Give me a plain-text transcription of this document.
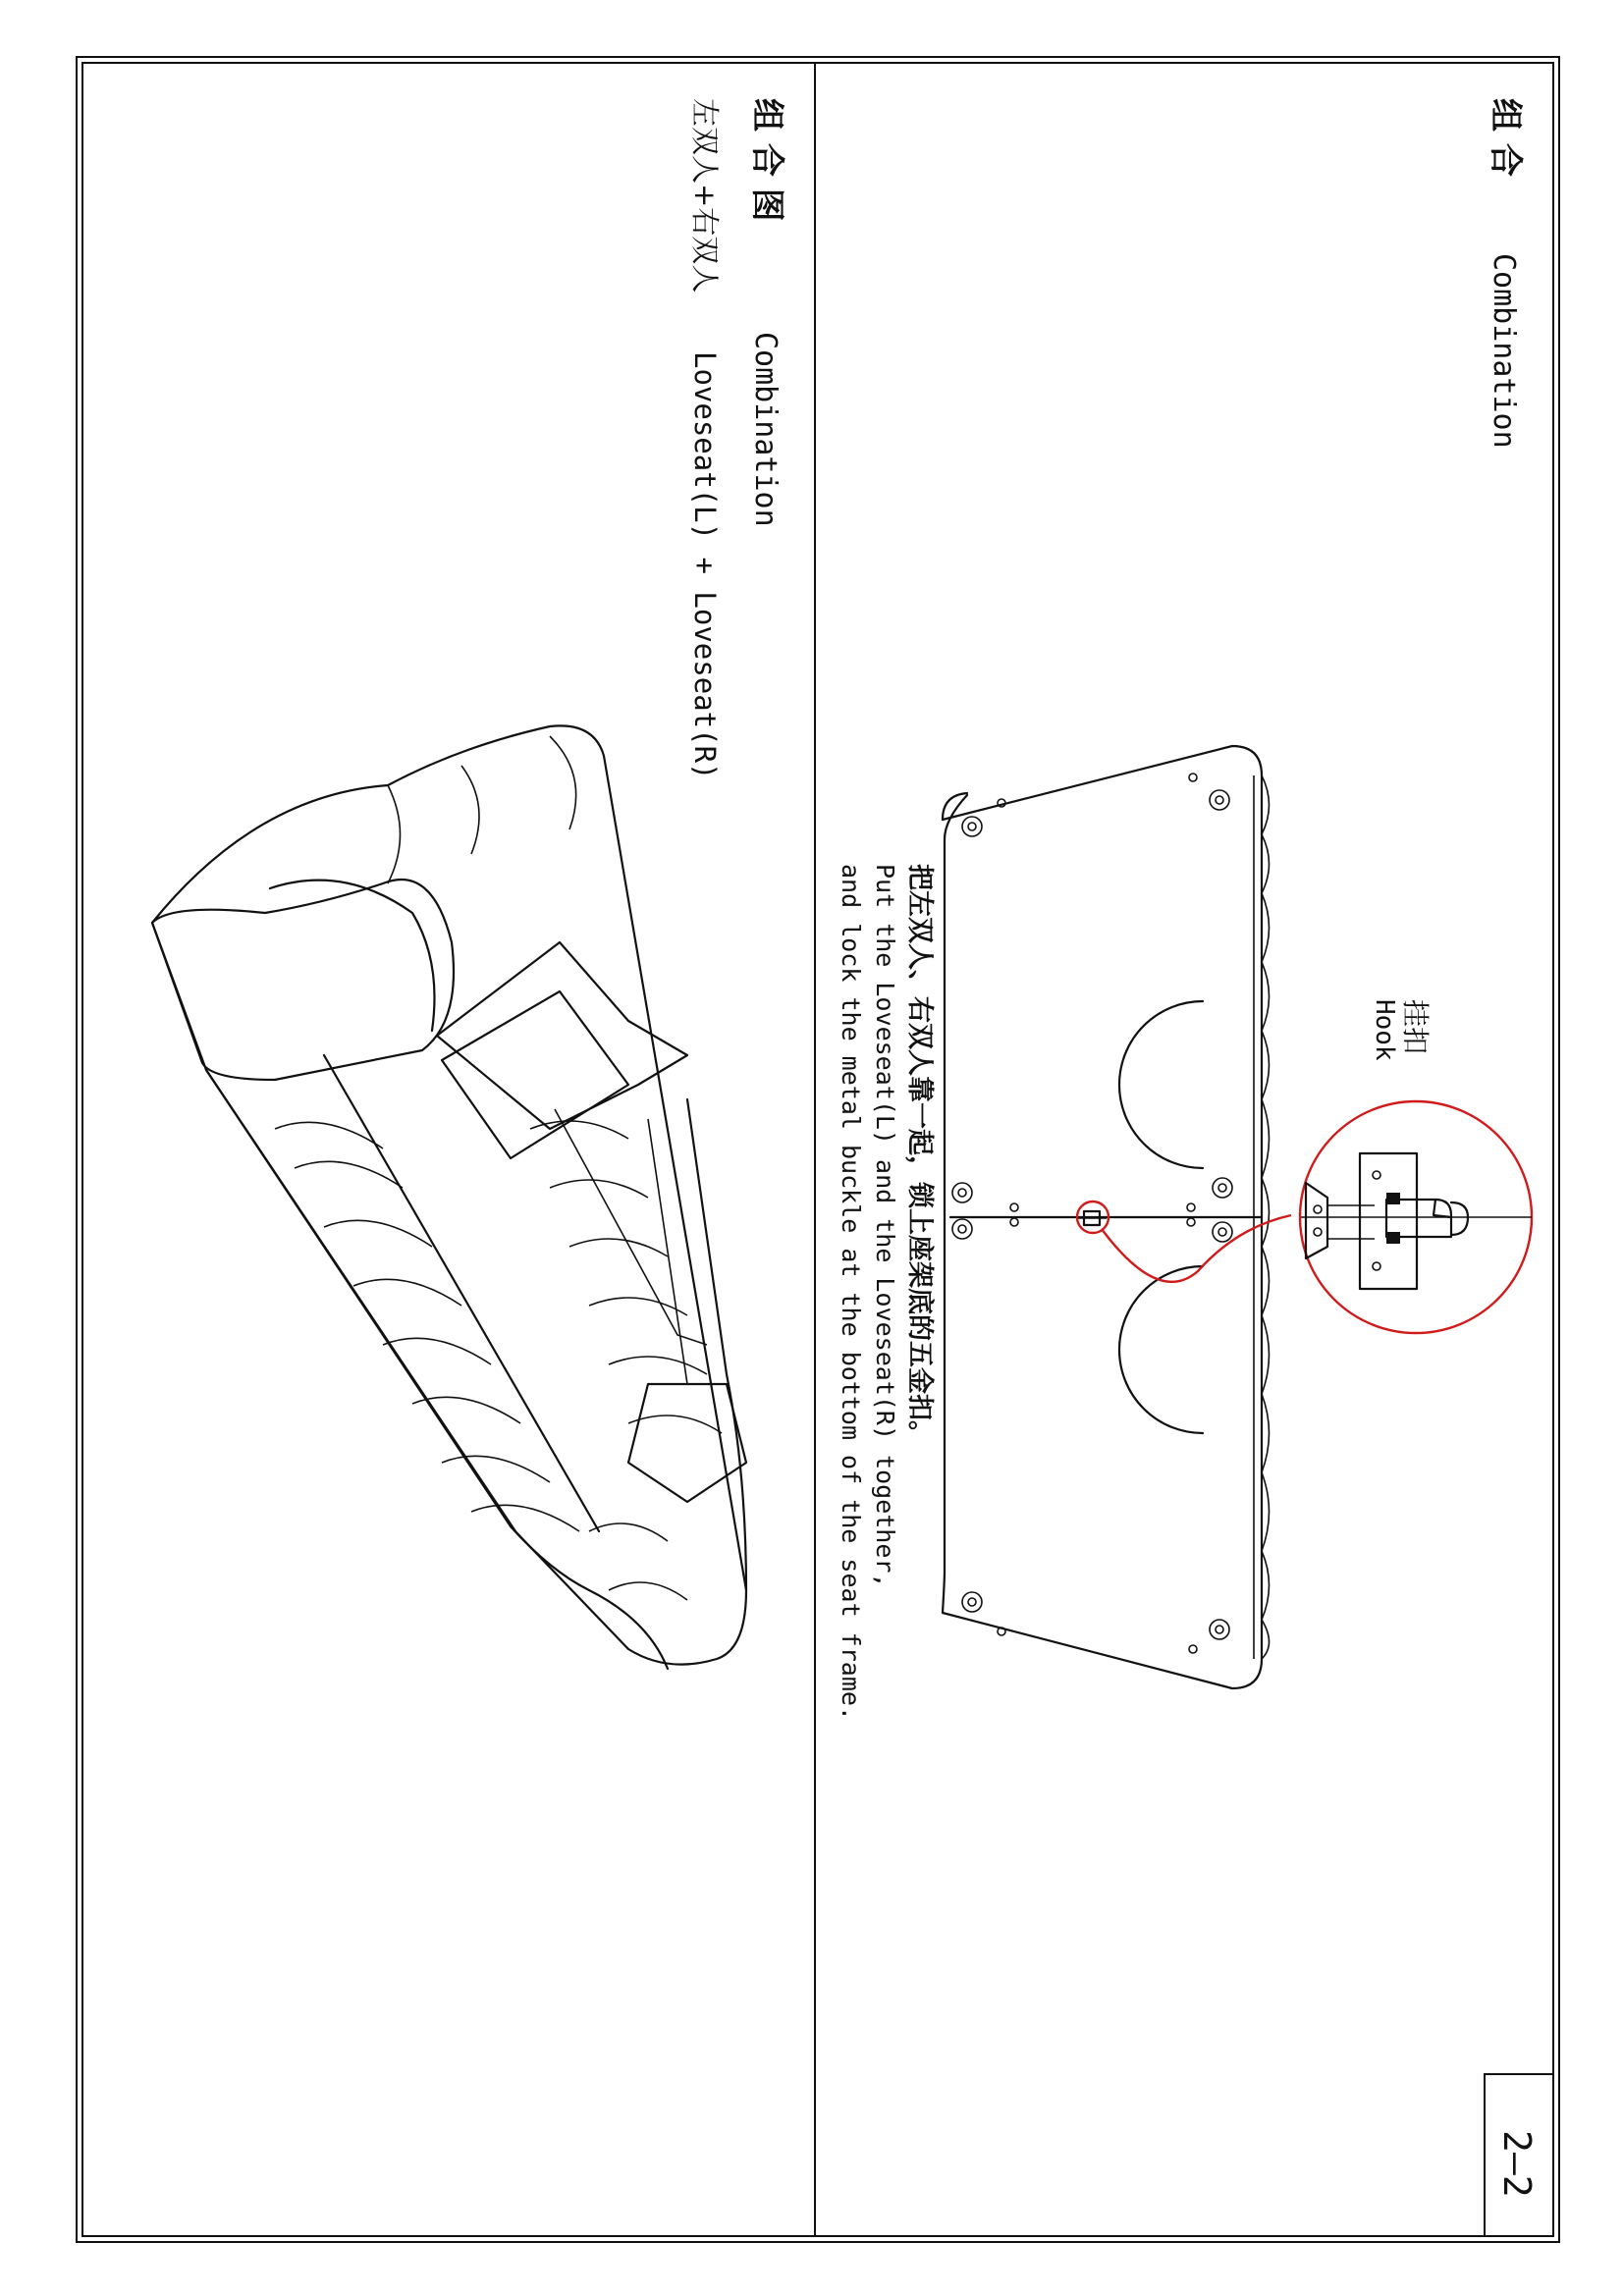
2–2
组 合
Combination
挂扣
Hook
把左双人、右双人靠一起，锁上座架底的五金扣。
Put the Loveseat(L) and the Loveseat(R) together,
and lock the metal buckle at the bottom of the seat frame.
组 合 图
Combination
左双人+右双人
Loveseat(L) + Loveseat(R)
